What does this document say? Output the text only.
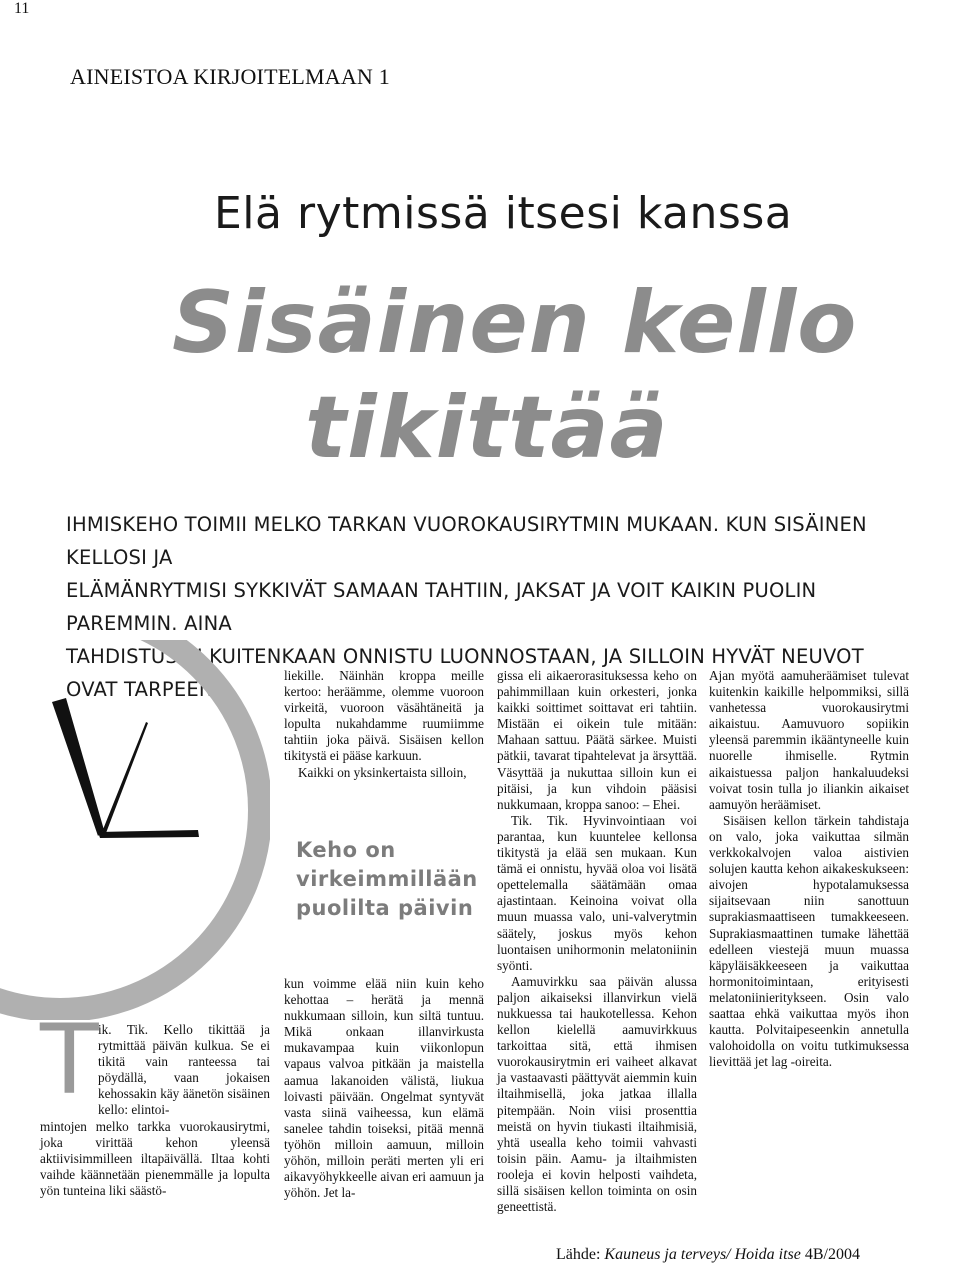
11
AINEISTOA KIRJOITELMAAN 1
Elä rytmissä itsesi kanssa
Sisäinen kello
tikittää
IHMISKEHO TOIMII MELKO TARKAN VUOROKAUSIRYTMIN MUKAAN. KUN SISÄINEN KELLOSI JA
ELÄMÄNRYTMISI SYKKIVÄT SAMAAN TAHTIIN, JAKSAT JA VOIT KAIKIN PUOLIN PAREMMIN. AINA
TAHDISTUS EI KUITENKAAN ONNISTU LUONNOSTAAN, JA SILLOIN HYVÄT NEUVOT OVAT TARPEEN.
T ik. Tik. Kello tikittää ja rytmittää päivän kulkua. Se ei tikitä vain ranteessa tai pöydällä, vaan jokaisen kehossakin käy äänetön sisäinen kello: elintoi-
mintojen melko tarkka vuorokausirytmi, joka virittää kehon yleensä aktiivisimmilleen iltapäivällä. Iltaa kohti vaihde käännetään pienemmälle ja lopulta yön tunteina liki säästö-

liekille. Näinhän kroppa meille kertoo: heräämme, olemme vuoroon virkeitä, vuoroon väsähtäneitä ja lopulta nukahdamme ruumiimme tahtiin joka päivä. Sisäisen kellon tikitystä ei pääse karkuun.

Kaikki on yksinkertaista silloin,

Keho on
virkeimmillään
puolilta päivin

kun voimme elää niin kuin keho kehottaa – herätä ja mennä nukkumaan silloin, kun siltä tuntuu. Mikä onkaan illanvirkusta mukavampaa kuin viikonlopun vapaus valvoa pitkään ja maistella aamua lakanoiden välistä, liukua loivasti päivään. Ongelmat syntyvät vasta siinä vaiheessa, kun elämä sanelee tahdin toiseksi, pitää mennä työhön milloin aamuun, milloin yöhön, milloin peräti merten yli eri aikavyöhykkeelle aivan eri aamuun ja yöhön. Jet la-

gissa eli aikaerorasituksessa keho on pahimmillaan kuin orkesteri, jonka kaikki soittimet soittavat eri tahtiin. Mistään ei oikein tule mitään: Mahaan sattuu. Päätä särkee. Muisti pätkii, tavarat tipahtelevat ja ärsyttää. Väsyttää ja nukuttaa silloin kun ei pitäisi, ja kun vihdoin pääsisi nukkumaan, kroppa sanoo: – Ehei.

Tik. Tik. Hyvinvointiaan voi parantaa, kun kuuntelee kellonsa tikitystä ja elää sen mukaan. Kun tämä ei onnistu, hyvää oloa voi lisätä opettelemalla säätämään omaa ajastintaan. Keinoina voivat olla muun muassa valo, uni-valverytmin säätely, joskus myös kehon luontaisen unihormonin melatoniinin syönti.

Aamuvirkku saa päivän alussa paljon aikaiseksi illanvirkun vielä nukkuessa tai haukotellessa. Kehon kellon kielellä aamuvirkkuus tarkoittaa sitä, että ihmisen vuorokausirytmin eri vaiheet alkavat ja vastaavasti päättyvät aiemmin kuin iltaihmisellä, joka jatkaa illalla pitempään. Noin viisi prosenttia meistä on hyvin tiukasti iltaihmisiä, yhtä usealla keho toimii vahvasti toisin päin. Aamu- ja iltaihmisten rooleja ei kovin helposti vaihdeta, sillä sisäisen kellon toiminta on osin geneettistä.

Ajan myötä aamuheräämiset tulevat kuitenkin kaikille helpommiksi, sillä vanhetessa vuorokausirytmi aikaistuu. Aamuvuoro sopiikin yleensä paremmin ikääntyneelle kuin nuorelle ihmiselle. Rytmin aikaistuessa paljon hankaluudeksi voivat tosin tulla jo iliankin aikaiset aamuyön heräämiset.

Sisäisen kellon tärkein tahdistaja on valo, joka vaikuttaa silmän verkkokalvojen valoa aistivien solujen kautta kehon aikakeskukseen: aivojen hypotalamuksessa sijaitsevaan niin sanottuun suprakiasmaattiseen tumakkeeseen. Suprakiasmaattinen tumake lähettää edelleen viestejä muun muassa käpyläisäkkeeseen ja vaikuttaa hormonitoimintaan, erityisesti melatoniinieritykseen. Osin valo saattaa ehkä vaikuttaa myös ihon kautta. Polvitaipeseenkin annetulla valohoidolla on voitu tutkimuksessa lievittää jet lag -oireita.

Lähde: Kauneus ja terveys/ Hoida itse 4B/2004
